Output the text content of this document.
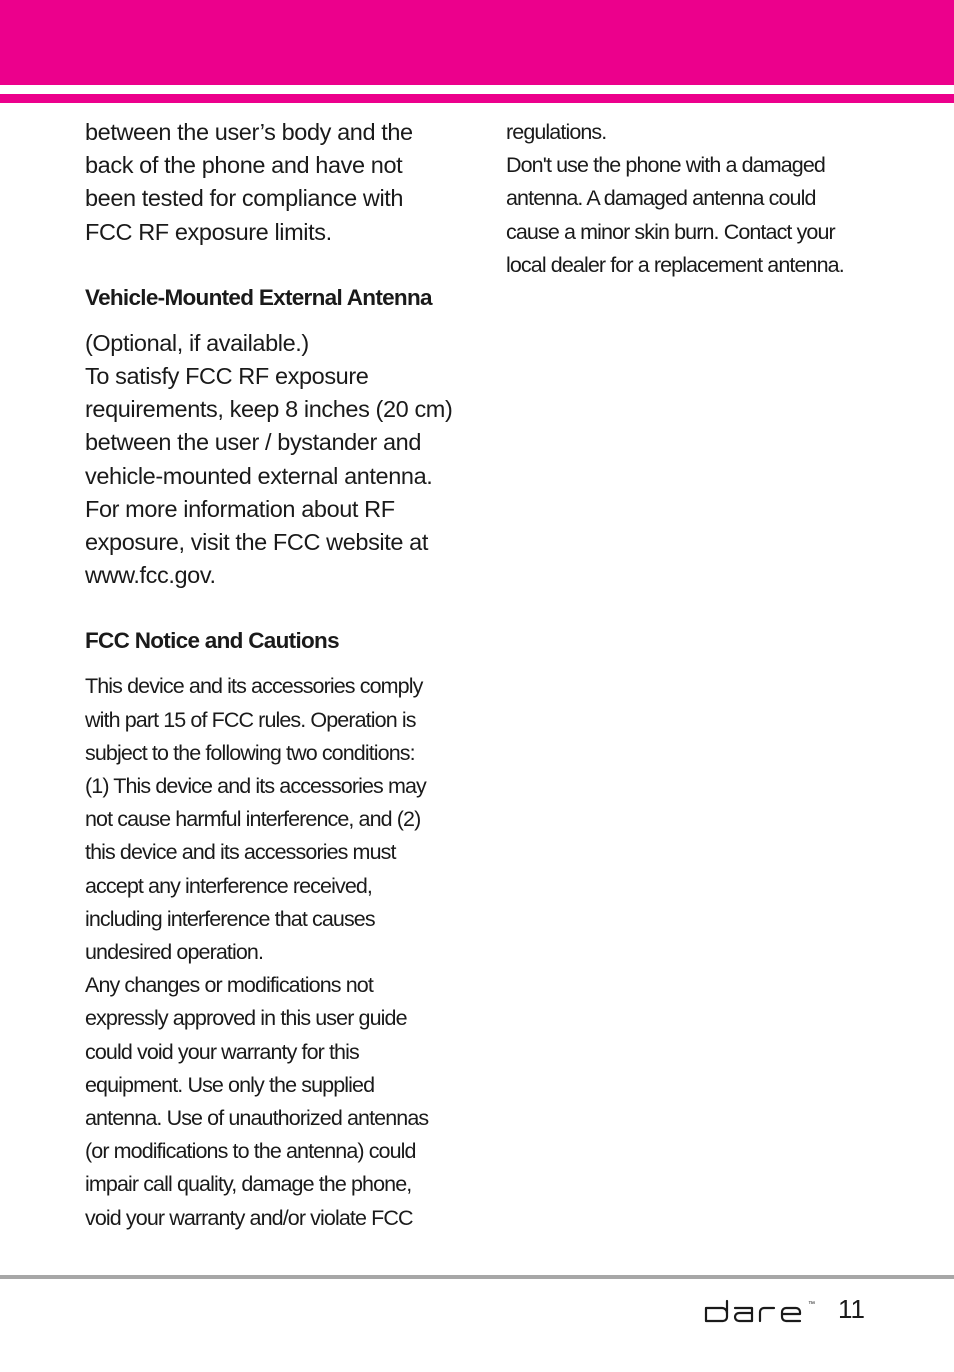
between the user’s body and the
back of the phone and have not
been tested for compliance with
FCC RF exposure limits.

Vehicle-Mounted External Antenna

(Optional, if available.)
To satisfy FCC RF exposure
requirements, keep 8 inches (20 cm)
between the user / bystander and
vehicle-mounted external antenna.
For more information about RF
exposure, visit the FCC website at
www.fcc.gov.

FCC Notice and Cautions

This device and its accessories comply
with part 15 of FCC rules. Operation is
subject to the following two conditions:
(1) This device and its accessories may
not cause harmful interference, and (2)
this device and its accessories must
accept any interference received,
including interference that causes
undesired operation.
Any changes or modifications not
expressly approved in this user guide
could void your warranty for this
equipment. Use only the supplied
antenna. Use of unauthorized antennas
(or modifications to the antenna) could
impair call quality, damage the phone,
void your warranty and/or violate FCC

regulations.
Don't use the phone with a damaged
antenna. A damaged antenna could
cause a minor skin burn. Contact your
local dealer for a replacement antenna.

™ 11
